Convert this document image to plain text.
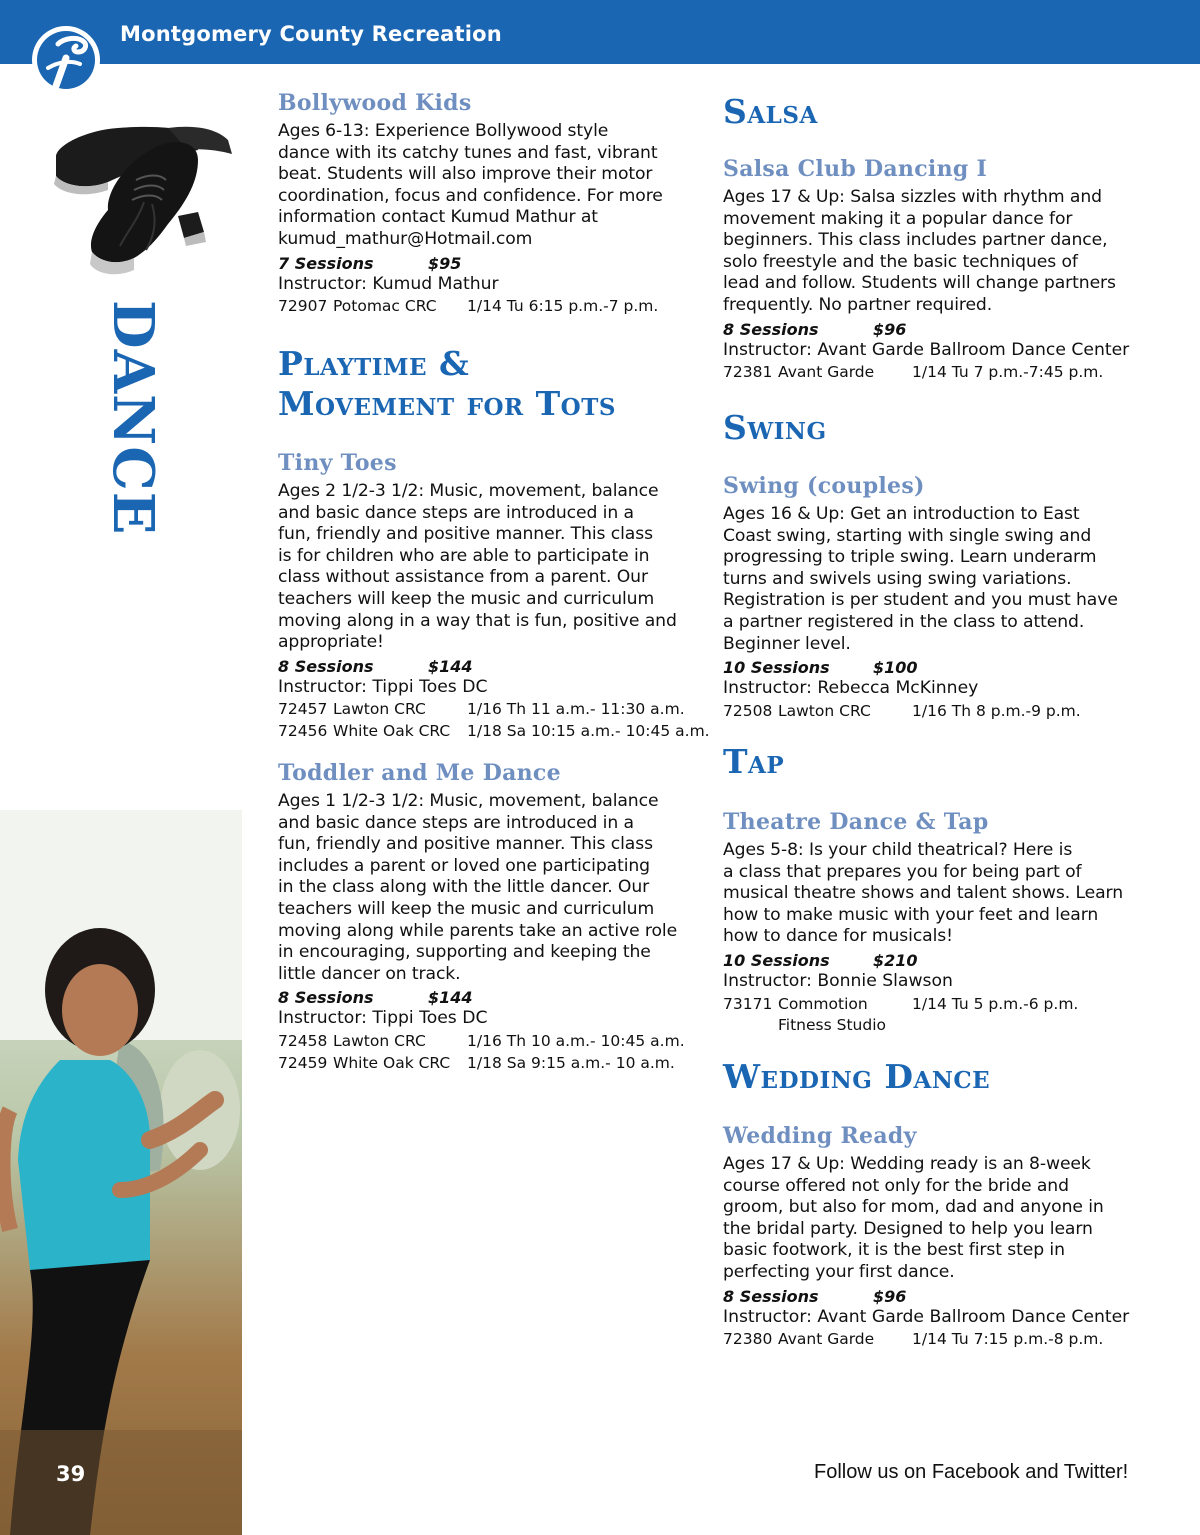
Montgomery County Recreation
DANCE
39	Follow us on Facebook and Twitter!
Bollywood Kids

Ages 6-13: Experience Bollywood style
dance with its catchy tunes and fast, vibrant
beat. Students will also improve their motor
coordination, focus and confidence. For more
information contact Kumud Mathur at
kumud_mathur@Hotmail.com

7 Sessions	$95
Instructor: Kumud Mathur
72907 Potomac CRC 1/14 Tu 6:15 p.m.-7 p.m.
Playtime &
Movement for Tots
Tiny Toes

Ages 2 1/2-3 1/2: Music, movement, balance
and basic dance steps are introduced in a
fun, friendly and positive manner. This class
is for children who are able to participate in
class without assistance from a parent. Our
teachers will keep the music and curriculum
moving along in a way that is fun, positive and
appropriate!

8 Sessions	$144
Instructor: Tippi Toes DC
72457 Lawton CRC	1/16 Th 11 a.m.- 11:30 a.m.
72456 White Oak CRC 1/18 Sa 10:15 a.m.- 10:45 a.m.
Toddler and Me Dance

Ages 1 1/2-3 1/2: Music, movement, balance
and basic dance steps are introduced in a
fun, friendly and positive manner. This class
includes a parent or loved one participating
in the class along with the little dancer. Our
teachers will keep the music and curriculum
moving along while parents take an active role
in encouraging, supporting and keeping the
little dancer on track.

8 Sessions	$144
Instructor: Tippi Toes DC
72458 Lawton CRC	1/16 Th 10 a.m.- 10:45 a.m.
72459 White Oak CRC 1/18 Sa 9:15 a.m.- 10 a.m.
Salsa
Salsa Club Dancing I

Ages 17 & Up: Salsa sizzles with rhythm and
movement making it a popular dance for
beginners. This class includes partner dance,
solo freestyle and the basic techniques of
lead and follow. Students will change partners
frequently. No partner required.

8 Sessions	$96
Instructor: Avant Garde Ballroom Dance Center
72381 Avant Garde 1/14 Tu 7 p.m.-7:45 p.m.
Swing
Swing (couples)

Ages 16 & Up: Get an introduction to East
Coast swing, starting with single swing and
progressing to triple swing. Learn underarm
turns and swivels using swing variations.
Registration is per student and you must have
a partner registered in the class to attend.
Beginner level.

10 Sessions	$100
Instructor: Rebecca McKinney
72508 Lawton CRC	1/16 Th 8 p.m.-9 p.m.
Tap
Theatre Dance & Tap

Ages 5-8: Is your child theatrical? Here is
a class that prepares you for being part of
musical theatre shows and talent shows. Learn
how to make music with your feet and learn
how to dance for musicals!

10 Sessions	$210
Instructor: Bonnie Slawson
73171 Commotion	1/14 Tu 5 p.m.-6 p.m.
Fitness Studio
Wedding Dance
Wedding Ready

Ages 17 & Up: Wedding ready is an 8-week
course offered not only for the bride and
groom, but also for mom, dad and anyone in
the bridal party. Designed to help you learn
basic footwork, it is the best first step in
perfecting your first dance.

8 Sessions	$96
Instructor: Avant Garde Ballroom Dance Center
72380 Avant Garde 1/14 Tu 7:15 p.m.-8 p.m.
